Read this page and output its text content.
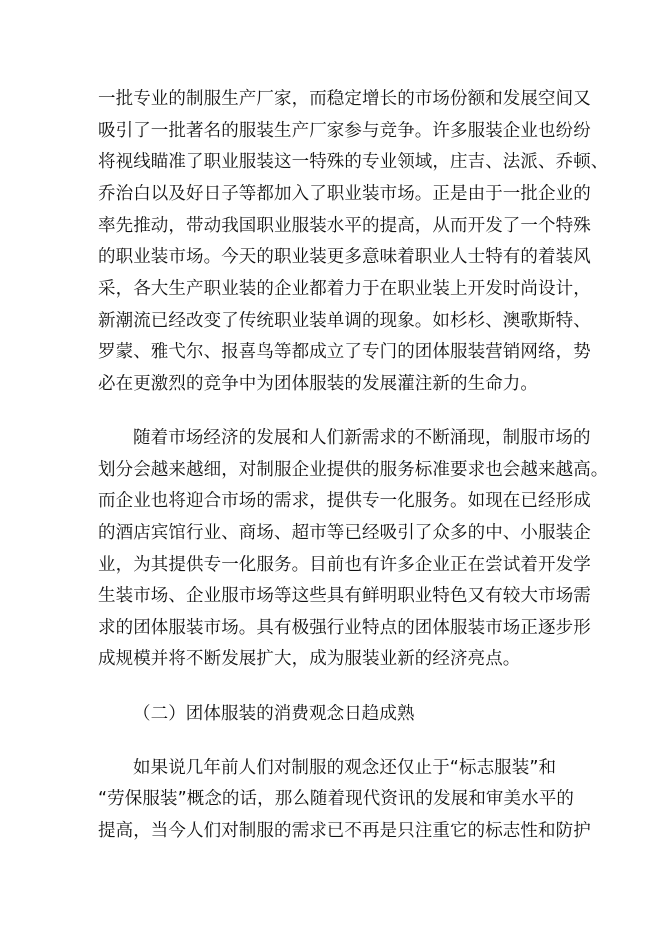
一批专业的制服生产厂家，而稳定增长的市场份额和发展空间又
吸引了一批著名的服装生产厂家参与竞争。许多服装企业也纷纷
将视线瞄准了职业服装这一特殊的专业领域，庄吉、法派、乔顿、
乔治白以及好日子等都加入了职业装市场。正是由于一批企业的
率先推动，带动我国职业服装水平的提高，从而开发了一个特殊
的职业装市场。今天的职业装更多意味着职业人士特有的着装风
采，各大生产职业装的企业都着力于在职业装上开发时尚设计，
新潮流已经改变了传统职业装单调的现象。如杉杉、澳歌斯特、
罗蒙、雅弋尔、报喜鸟等都成立了专门的团体服装营销网络，势
必在更激烈的竞争中为团体服装的发展灌注新的生命力。
随着市场经济的发展和人们新需求的不断涌现，制服市场的
划分会越来越细，对制服企业提供的服务标准要求也会越来越高。
而企业也将迎合市场的需求，提供专一化服务。如现在已经形成
的酒店宾馆行业、商场、超市等已经吸引了众多的中、小服装企
业，为其提供专一化服务。目前也有许多企业正在尝试着开发学
生装市场、企业服市场等这些具有鲜明职业特色又有较大市场需
求的团体服装市场。具有极强行业特点的团体服装市场正逐步形
成规模并将不断发展扩大，成为服装业新的经济亮点。
（二）团体服装的消费观念日趋成熟
如果说几年前人们对制服的观念还仅止于“标志服装”和
“劳保服装”概念的话，那么随着现代资讯的发展和审美水平的
提高，当今人们对制服的需求已不再是只注重它的标志性和防护
